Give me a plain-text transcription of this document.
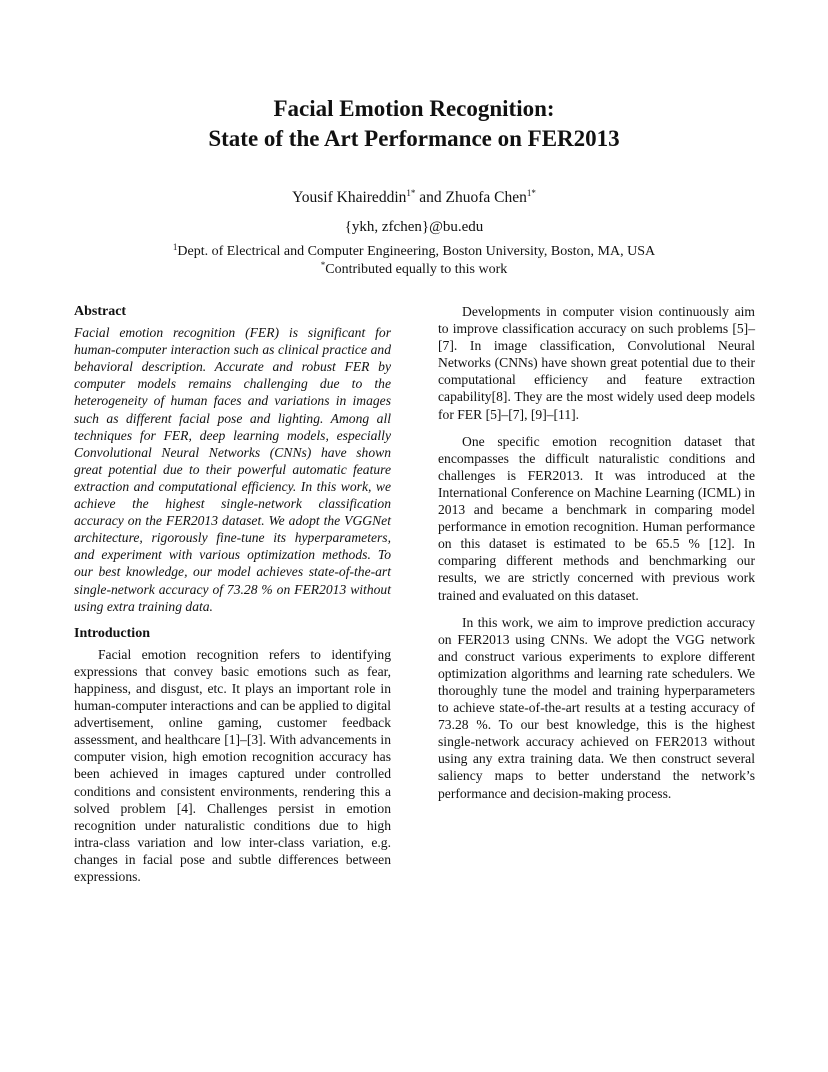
Facial Emotion Recognition:
State of the Art Performance on FER2013
Yousif Khaireddin$^{1*}$ and Zhuofa Chen$^{1*}$
{ykh, zfchen}@bu.edu
$^1$Dept. of Electrical and Computer Engineering, Boston University, Boston, MA, USA
*Contributed equally to this work
Abstract

Facial emotion recognition (FER) is significant for human-computer interaction such as clinical practice and behavioral description. Accurate and robust FER by computer models remains challenging due to the heterogeneity of human faces and variations in images such as different facial pose and lighting. Among all techniques for FER, deep learning models, especially Convolutional Neural Networks (CNNs) have shown great potential due to their powerful automatic feature extraction and computational efficiency. In this work, we achieve the highest single-network classification accuracy on the FER2013 dataset. We adopt the VGGNet architecture, rigorously fine-tune its hyperparameters, and experiment with various optimization methods. To our best knowledge, our model achieves state-of-the-art single-network accuracy of 73.28 % on FER2013 without using extra training data.

Introduction

Facial emotion recognition refers to identifying expressions that convey basic emotions such as fear, happiness, and disgust, etc. It plays an important role in human-computer interactions and can be applied to digital advertisement, online gaming, customer feedback assessment, and healthcare [1]–[3]. With advancements in computer vision, high emotion recognition accuracy has been achieved in images captured under controlled conditions and consistent environments, rendering this a solved problem [4]. Challenges persist in emotion recognition under naturalistic conditions due to high intra-class variation and low inter-class variation, e.g. changes in facial pose and subtle differences between expressions.

Developments in computer vision continuously aim to improve classification accuracy on such problems [5]–[7]. In image classification, Convolutional Neural Networks (CNNs) have shown great potential due to their computational efficiency and feature extraction capability[8]. They are the most widely used deep models for FER [5]–[7], [9]–[11].

One specific emotion recognition dataset that encompasses the difficult naturalistic conditions and challenges is FER2013. It was introduced at the International Conference on Machine Learning (ICML) in 2013 and became a benchmark in comparing model performance in emotion recognition. Human performance on this dataset is estimated to be 65.5 % [12]. In comparing different methods and benchmarking our results, we are strictly concerned with previous work trained and evaluated on this dataset.

In this work, we aim to improve prediction accuracy on FER2013 using CNNs. We adopt the VGG network and construct various experiments to explore different optimization algorithms and learning rate schedulers. We thoroughly tune the model and training hyperparameters to achieve state-of-the-art results at a testing accuracy of 73.28 %. To our best knowledge, this is the highest single-network accuracy achieved on FER2013 without using any extra training data. We then construct several saliency maps to better understand the network’s performance and decision-making process.
